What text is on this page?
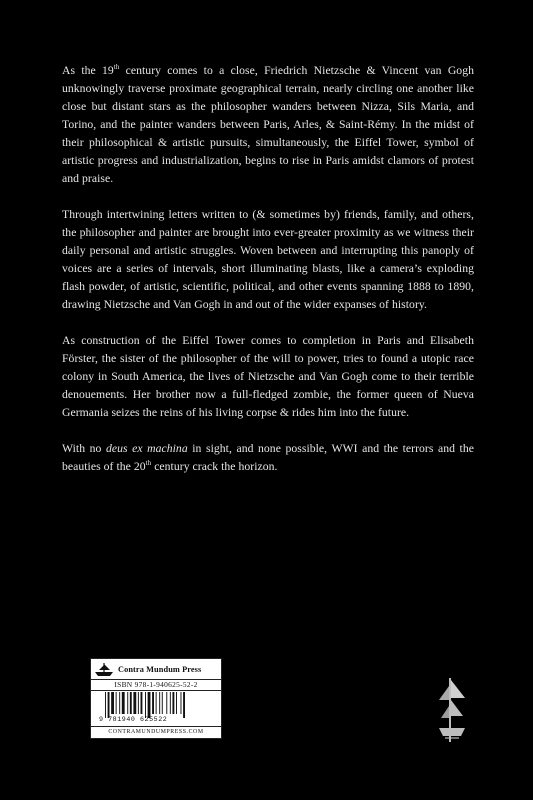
As the 19th century comes to a close, Friedrich Nietzsche & Vincent van Gogh unknowingly traverse proximate geographical terrain, nearly circling one another like close but distant stars as the philosopher wanders between Nizza, Sils Maria, and Torino, and the painter wanders between Paris, Arles, & Saint-Rémy. In the midst of their philosophical & artistic pursuits, simultaneously, the Eiffel Tower, symbol of artistic progress and industrialization, begins to rise in Paris amidst clamors of protest and praise.

Through intertwining letters written to (& sometimes by) friends, family, and others, the philosopher and painter are brought into ever-greater proximity as we witness their daily personal and artistic struggles. Woven between and interrupting this panoply of voices are a series of intervals, short illuminating blasts, like a camera’s exploding flash powder, of artistic, scientific, political, and other events spanning 1888 to 1890, drawing Nietzsche and Van Gogh in and out of the wider expanses of history.

As construction of the Eiffel Tower comes to completion in Paris and Elisabeth Förster, the sister of the philosopher of the will to power, tries to found a utopic race colony in South America, the lives of Nietzsche and Van Gogh come to their terrible denouements. Her brother now a full-fledged zombie, the former queen of Nueva Germania seizes the reins of his living corpse & rides him into the future.

With no deus ex machina in sight, and none possible, WWI and the terrors and the beauties of the 20th century crack the horizon.

Contra Mundum Press
ISBN 978-1-940625-52-2
9 781940 625522
CONTRAMUNDUMPRESS.COM
